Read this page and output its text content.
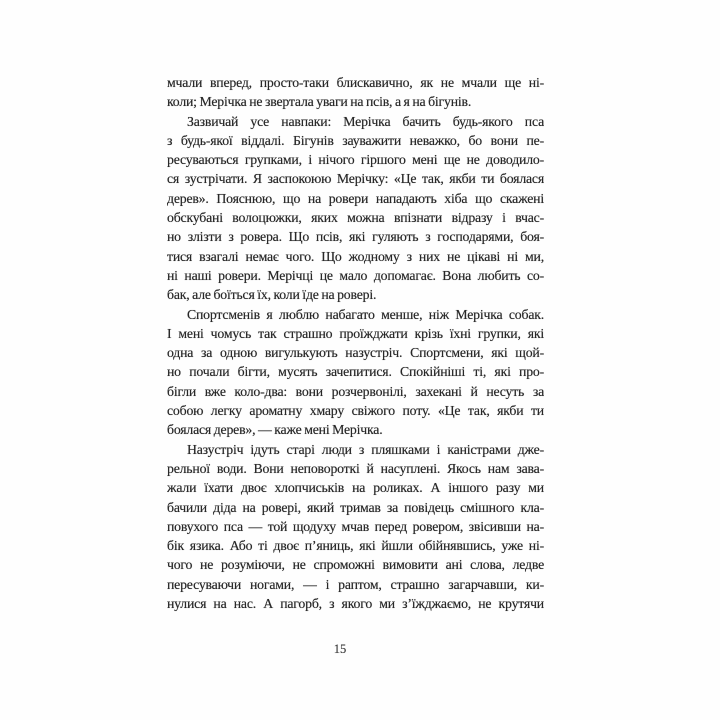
мчали вперед, просто-таки блискавично, як не мчали ще ні-
коли; Мерічка не звертала уваги на псів, а я на бігунів.
Зазвичай усе навпаки: Мерічка бачить будь-якого пса
з будь-якої віддалі. Бігунів зауважити неважко, бо вони пе-
ресуваються групками, і нічого гіршого мені ще не доводило-
ся зустрічати. Я заспокоюю Мерічку: «Це так, якби ти боялася
дерев». Пояснюю, що на ровери нападають хіба що скажені
обскубані волоцюжки, яких можна впізнати відразу і вчас-
но злізти з ровера. Що псів, які гуляють з господарями, боя-
тися взагалі немає чого. Що жодному з них не цікаві ні ми,
ні наші ровери. Мерічці це мало допомагає. Вона любить со-
бак, але боїться їх, коли їде на ровері.
Спортсменів я люблю набагато менше, ніж Мерічка собак.
І мені чомусь так страшно проїжджати крізь їхні групки, які
одна за одною вигулькують назустріч. Спортсмени, які щой-
но почали бігти, мусять зачепитися. Спокійніші ті, які про-
бігли вже коло-два: вони розчервонілі, захекані й несуть за
собою легку ароматну хмару свіжого поту. «Це так, якби ти
боялася дерев», — каже мені Мерічка.
Назустріч ідуть старі люди з пляшками і каністрами дже-
рельної води. Вони неповороткі й насуплені. Якось нам зава-
жали їхати двоє хлопчиськів на роликах. А іншого разу ми
бачили діда на ровері, який тримав за повідець смішного кла-
повухого пса — той щодуху мчав перед ровером, звісивши на-
бік язика. Або ті двоє п’яниць, які йшли обійнявшись, уже ні-
чого не розуміючи, не спроможні вимовити ані слова, ледве
пересуваючи ногами, — і раптом, страшно загарчавши, ки-
нулися на нас. А пагорб, з якого ми з’їжджаємо, не крутячи
15
